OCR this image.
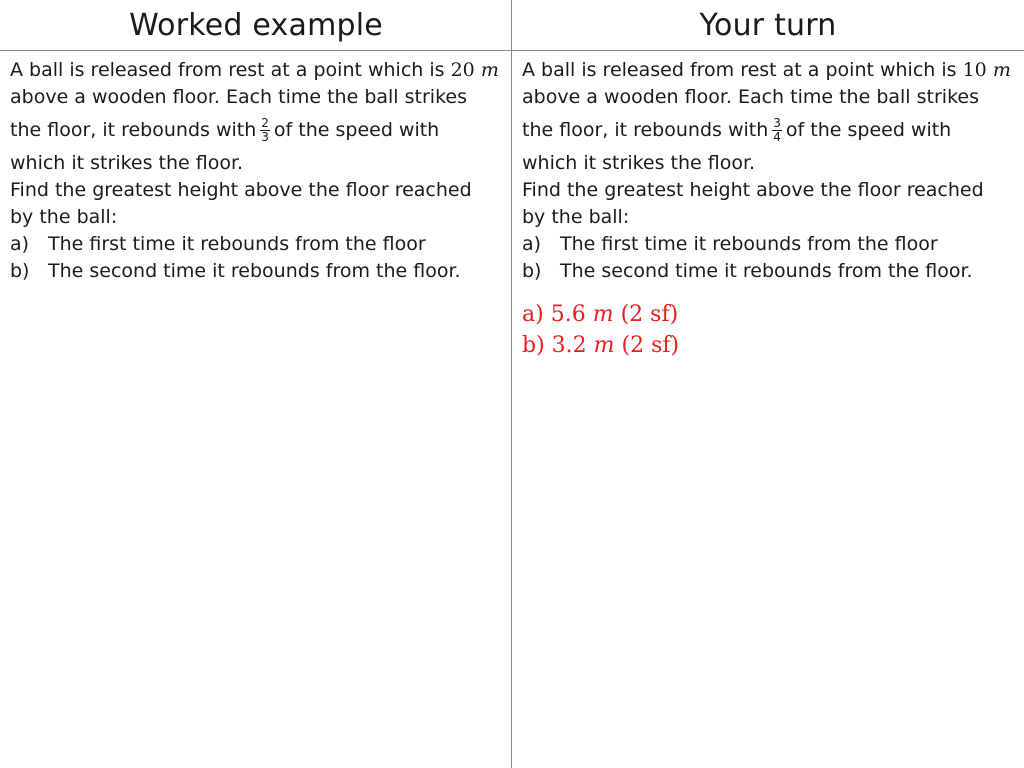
Worked example
A ball is released from rest at a point which is 20 m
above a wooden floor. Each time the ball strikes
the floor, it rebounds with $\frac{2}{3}$ of the speed with
which it strikes the floor.
Find the greatest height above the floor reached
by the ball:
a) The first time it rebounds from the floor
b) The second time it rebounds from the floor.
Your turn
A ball is released from rest at a point which is 10 m
above a wooden floor. Each time the ball strikes
the floor, it rebounds with $\frac{3}{4}$ of the speed with
which it strikes the floor.
Find the greatest height above the floor reached
by the ball:
a) The first time it rebounds from the floor
b) The second time it rebounds from the floor.
a) 5.6 m (2 sf)
b) 3.2 m (2 sf)
